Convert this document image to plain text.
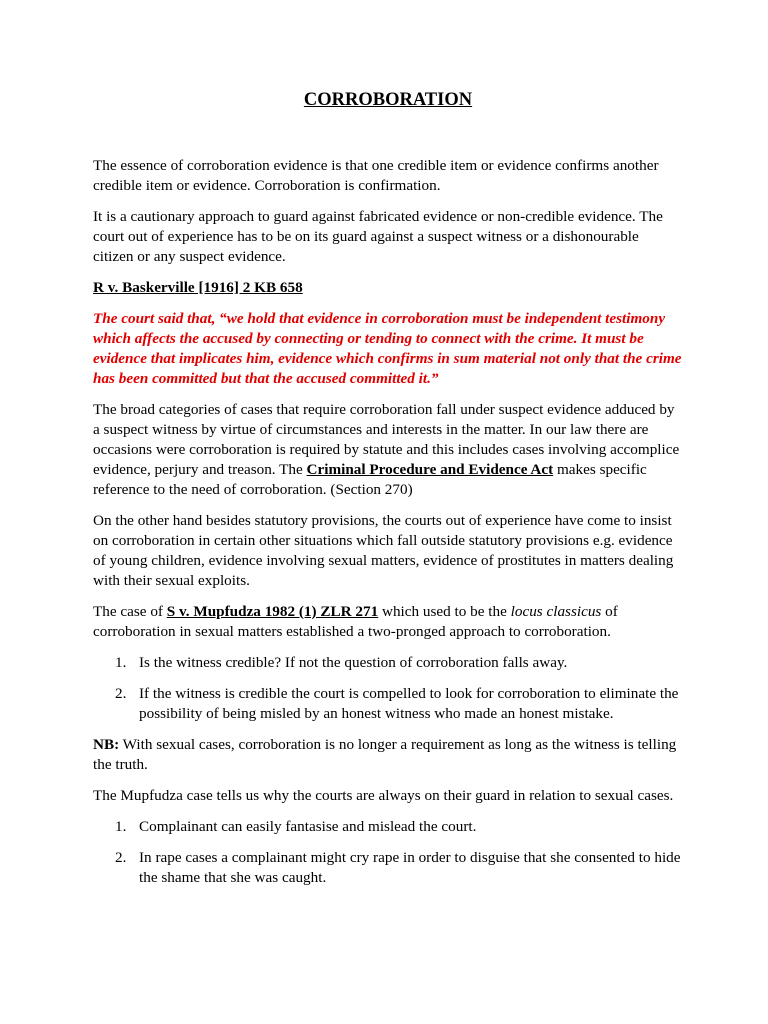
CORROBORATION

The essence of corroboration evidence is that one credible item or evidence confirms another credible item or evidence. Corroboration is confirmation.

It is a cautionary approach to guard against fabricated evidence or non-credible evidence. The court out of experience has to be on its guard against a suspect witness or a dishonourable citizen or any suspect evidence.

R v. Baskerville [1916] 2 KB 658

The court said that, “we hold that evidence in corroboration must be independent testimony which affects the accused by connecting or tending to connect with the crime. It must be evidence that implicates him, evidence which confirms in sum material not only that the crime has been committed but that the accused committed it.”

The broad categories of cases that require corroboration fall under suspect evidence adduced by a suspect witness by virtue of circumstances and interests in the matter. In our law there are occasions were corroboration is required by statute and this includes cases involving accomplice evidence, perjury and treason. The Criminal Procedure and Evidence Act makes specific reference to the need of corroboration. (Section 270)

On the other hand besides statutory provisions, the courts out of experience have come to insist on corroboration in certain other situations which fall outside statutory provisions e.g. evidence of young children, evidence involving sexual matters, evidence of prostitutes in matters dealing with their sexual exploits.

The case of S v. Mupfudza 1982 (1) ZLR 271 which used to be the locus classicus of corroboration in sexual matters established a two-pronged approach to corroboration.

1. Is the witness credible? If not the question of corroboration falls away.
2. If the witness is credible the court is compelled to look for corroboration to eliminate the possibility of being misled by an honest witness who made an honest mistake.

NB: With sexual cases, corroboration is no longer a requirement as long as the witness is telling the truth.

The Mupfudza case tells us why the courts are always on their guard in relation to sexual cases.

1. Complainant can easily fantasise and mislead the court.
2. In rape cases a complainant might cry rape in order to disguise that she consented to hide the shame that she was caught.
